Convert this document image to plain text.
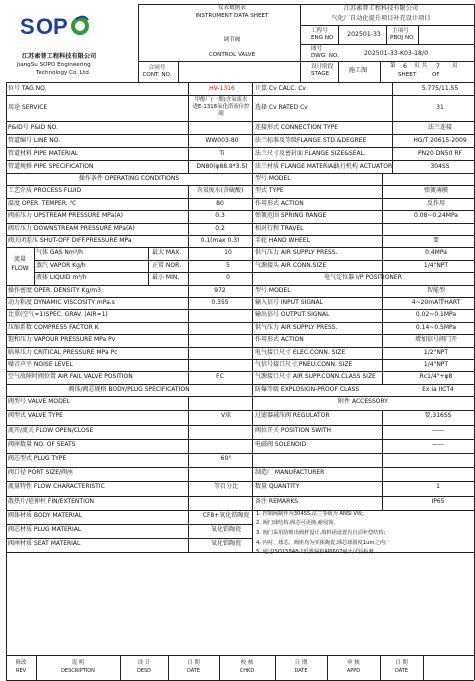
S O P
江苏索普工程科技有限公司
JiangSu SOPO Engineering
Technology Co. Ltd.
仪表数据表
INSTRUMENT DATA SHEET
调节阀
CONTROL VALVE
合同号
CONT. NO.
江苏索普工程科技有限公司
气化厂自动化提升项目补充设计项目
工程号
ENG NO 202501-33 主项号
PBOJ NO
图号
DWG. NO.	202501-33-K03-18/0
设计阶段
STAGE	施工图
第 6 页 共 7 页
SHEET	OF
位号 TAG NO.	HV-1316	计算 Cv CALC. Cv	5.775/11.55
用途 SERVICE
甲醇厂(一期)含氧废水进E-1318氧化塔液位控制
选择 Cv RATED Cv	31
P&ID号 P&ID NO.	连接形式 CONNECTION TYPE	法兰连接
管道编号 LINE NO.	WW003-80	法兰标准及等级FLANGE STD.&DEGREE	HG/T 20615-2009
管道材料 PIPE MATERIAL	Ti	法兰尺寸及密封面 FLANGE SIZE&SEAL.	PN20 DN50 RF
管道规格 PIPE SPECIFICATION	DN80(φ88.9*3.5) 法兰材质 FLANGE MATERIAL	304SS
操作条件 OPERATING CONDITIONS
工艺介质 PROCESS FLUID	含氧废水(含硫酸)
温度 OPER. TEMPER. ℃	80
阀前压力 UPSTREAM PRESSURE MPa(A)	0.3
阀后压力 DOWNSTREAM PRESSURE MPa(A)	0.2
阀关闭差压 SHUT-OFF DIFF.PRESSURE MPa	0.1(max 0.3)
流量
FLOW
气体 GAS Nm³/h	最大 MAX.	10
蒸汽 VAPOR Kg/h	正常 NOR.	5
液体 LIQUID m³/h	最小 MIN.	0
操作密度 OPER. DENSITY Kg/m3	972
动力粘度 DYNAMIC VISCOSITY mPa.s	0.355
比重(空气=1)SPEC. GRAV. (AIR=1)
压缩系数 COMPRESS FACTOR K
饱和压力 VAPOUR PRESSURE MPa Pv
临界压力 CRITICAL PRESSURE MPa Pc
噪音声平 NOISE LEVEL
空气故障时阀位置 AIR FAIL VALVE POSITION	FC
执行机构 ACTUATOR
型号 MODEL
型式 TYPE	弹簧薄膜
作用形式 ACTION	反作用
弹簧范围 SPRING RANGE	0.08~0.24MPa
相对行程 TRAVEL
手轮 HAND WHEEL	要
供气压力 AIR SUPPLY PRESS.	0.4MPa
气源接头 AIR CONN.SIZE	1/4"NPT
电气定位器 I/P POSITIONER
型号 MODEL	智能型
输入信号 INPUT SIGNAL	4~20mA带HART
输出信号 OUTPUT SIGNAL	0.02~0.1MPa
供气压力 AIR SUPPLY PRESS.	0.14~0.5MPa
作用形式 ACTION	增加信号阀门开
电气接口尺寸 ELEC.CONN. SIZE	1/2"NPT
气信号接口尺寸 PNEU.CONN. SIZE	1/4"NPT
气源接口尺寸 AIR SUPP.CONN.CLASS SIZE	Rc1/4"+φ8
阀体/阀芯规格 BODY/PLUG SPECIFICATION	防爆等级 EXPLOSION-PROOF CLASS	Ex ia IICT4
阀型号 VALVE MODEL
阀型式 VALVE TYPE	V球
流开/流关 FLOW OPEN/CLOSE
阀座数量 NO. OF SEATS
阀芯型式 PLUG TYPE	60°
阀口径 PORT SIZE/阀座
流量特性 FLOW CHARACTERISTIC	等百分比
散热片/延伸杆 FIN/EXTENTION
阀体材质 BODY MATERIAL	CF8+氧化锆陶瓷
阀芯材质 PLUG MATERIAL	氧化锆陶瓷
阀座材质 SEAT MATERIAL	氧化锆陶瓷
附件 ACCESSORY
过滤器减压阀 REGULATOR	要,316SS
阀位开关 POSITION SWITH	——
电磁阀 SOLENOID	——
制造厂 MANUFACTURER
数量 QUANTITY	1
备注 REMARKS	IP65
1. 控制阀制作为304SS,法兰等级为 ANSI V级;
2. 阀门球结构,阀芯可更换,耐侵蚀。
3. 阀门采用防喷出阀杆设计,填料函设置有自动补偿结构;
4. 内衬、球芯、阀座均为实体陶瓷,球芯球圆度1um之内;
5. 通过ISO15848-1低泄漏和API607耐火试验检测
修改
REV
说 明
DESCRIPTION
设 计
DESD
日 期
DATE
校 核
CHKD
日 期
DATE
审 核
APPD
日 期
DATE
